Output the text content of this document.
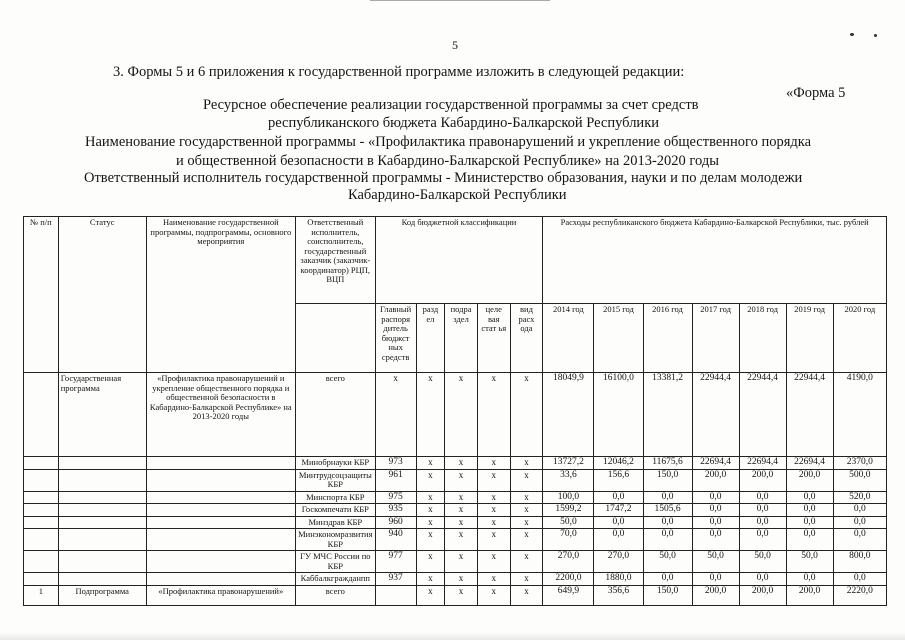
5
3. Формы 5 и 6 приложения к государственной программе изложить в следующей редакции:
«Форма 5
Ресурсное обеспечение реализации государственной программы за счет средств
республиканского бюджета Кабардино-Балкарской Республики
Наименование государственной программы - «Профилактика правонарушений и укрепление общественного порядка
и общественной безопасности в Кабардино-Балкарской Республике» на 2013-2020 годы
Ответственный исполнитель государственной программы - Министерство образования, науки и по делам молодежи
Кабардино-Балкарской Республики
№ п/п	Статус	Наименование государственной программы, подпрограммы, основного мероприятия	Ответственный исполнитель, соисполнитель, государственный заказчик (заказчик-координатор) РЦП, ВЦП	Код бюджетной классификации					Расходы республиканского бюджета Кабардино-Балкарской Республики, тыс. рублей						
				Главный распоря дитель бюджст ных средств	разд ел	подра здел	целе вая стат ья	вид расх ода	2014 год	2015 год	2016 год	2017 год	2018 год	2019 год	2020 год
	Государственная программа	«Профилактика правонарушений и укрепление общественного порядка и общественной безопасности в Кабардино-Балкарской Республике» на 2013-2020 годы	всего	x	x	x	x	x	18049,9	16100,0	13381,2	22944,4	22944,4	22944,4	4190,0
			Минобрнауки КБР	973	x	x	x	x	13727,2	12046,2	11675,6	22694,4	22694,4	22694,4	2370,0
			Минтрудсоцзащиты КБР	961	x	x	x	x	33,6	156,6	150,0	200,0	200,0	200,0	500,0
			Минспорта КБР	975	x	x	x	x	100,0	0,0	0,0	0,0	0,0	0,0	520,0
			Госкомпечати КБР	935	x	x	x	x	1599,2	1747,2	1505,6	0,0	0,0	0,0	0,0
			Минздрав КБР	960	x	x	x	x	50,0	0,0	0,0	0,0	0,0	0,0	0,0
			Минэкономразвития КБР	940	x	x	x	x	70,0	0,0	0,0	0,0	0,0	0,0	0,0
			ГУ МЧС России по КБР	977	x	x	x	x	270,0	270,0	50,0	50,0	50,0	50,0	800,0
			Каббалкгражданпп	937	x	x	x	x	2200,0	1880,0	0,0	0,0	0,0	0,0	0,0
1	Подпрограмма	«Профилактика правонарушений»	всего		x	x	x	x	649,9	356,6	150,0	200,0	200,0	200,0	2220,0
